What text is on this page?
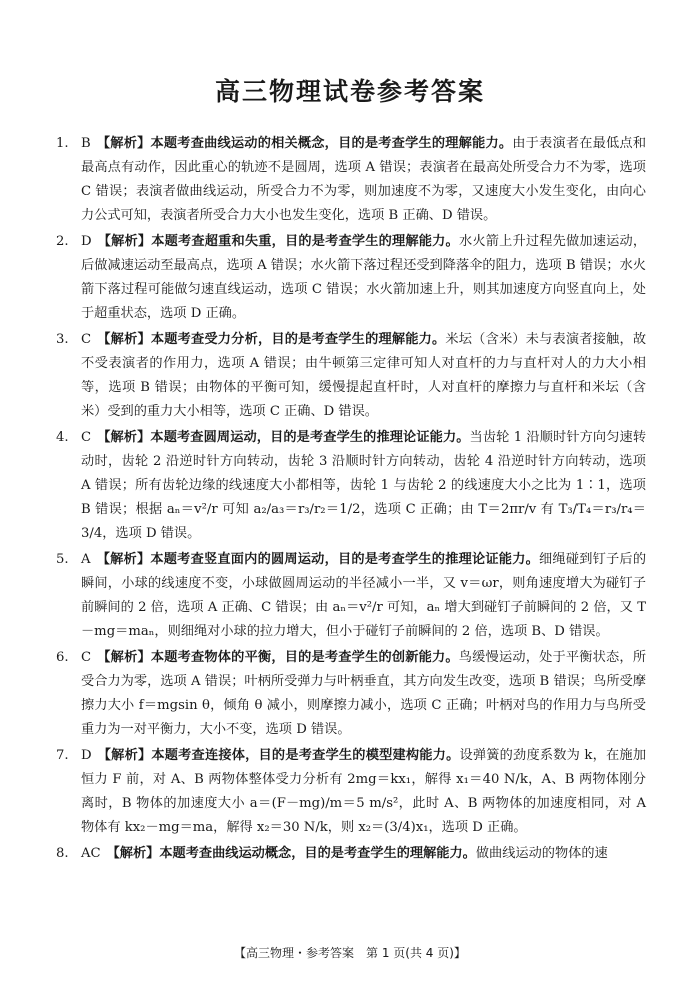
高三物理试卷参考答案
1. B 【解析】本题考查曲线运动的相关概念，目的是考查学生的理解能力。由于表演者在最低点和最高点有动作，因此重心的轨迹不是圆周，选项 A 错误；表演者在最高处所受合力不为零，选项 C 错误；表演者做曲线运动，所受合力不为零，则加速度不为零，又速度大小发生变化，由向心力公式可知，表演者所受合力大小也发生变化，选项 B 正确、D 错误。
2. D 【解析】本题考查超重和失重，目的是考查学生的理解能力。水火箭上升过程先做加速运动，后做减速运动至最高点，选项 A 错误；水火箭下落过程还受到降落伞的阻力，选项 B 错误；水火箭下落过程可能做匀速直线运动，选项 C 错误；水火箭加速上升，则其加速度方向竖直向上，处于超重状态，选项 D 正确。
3. C 【解析】本题考查受力分析，目的是考查学生的理解能力。米坛（含米）未与表演者接触，故不受表演者的作用力，选项 A 错误；由牛顿第三定律可知人对直杆的力与直杆对人的力大小相等，选项 B 错误；由物体的平衡可知，缓慢提起直杆时，人对直杆的摩擦力与直杆和米坛（含米）受到的重力大小相等，选项 C 正确、D 错误。
4. C 【解析】本题考查圆周运动，目的是考查学生的推理论证能力。当齿轮 1 沿顺时针方向匀速转动时，齿轮 2 沿逆时针方向转动，齿轮 3 沿顺时针方向转动，齿轮 4 沿逆时针方向转动，选项 A 错误；所有齿轮边缘的线速度大小都相等，齿轮 1 与齿轮 2 的线速度大小之比为 1∶1，选项 B 错误；根据 aₙ＝v²/r 可知 a₂/a₃＝r₃/r₂＝1/2，选项 C 正确；由 T＝2πr/v 有 T₃/T₄＝r₃/r₄＝3/4，选项 D 错误。
5. A 【解析】本题考查竖直面内的圆周运动，目的是考查学生的推理论证能力。细绳碰到钉子后的瞬间，小球的线速度不变，小球做圆周运动的半径减小一半，又 v＝ωr，则角速度增大为碰钉子前瞬间的 2 倍，选项 A 正确、C 错误；由 aₙ＝v²/r 可知，aₙ 增大到碰钉子前瞬间的 2 倍，又 T－mg＝maₙ，则细绳对小球的拉力增大，但小于碰钉子前瞬间的 2 倍，选项 B、D 错误。
6. C 【解析】本题考查物体的平衡，目的是考查学生的创新能力。鸟缓慢运动，处于平衡状态，所受合力为零，选项 A 错误；叶柄所受弹力与叶柄垂直，其方向发生改变，选项 B 错误；鸟所受摩擦力大小 f＝mgsin θ，倾角 θ 减小，则摩擦力减小，选项 C 正确；叶柄对鸟的作用力与鸟所受重力为一对平衡力，大小不变，选项 D 错误。
7. D 【解析】本题考查连接体，目的是考查学生的模型建构能力。设弹簧的劲度系数为 k，在施加恒力 F 前，对 A、B 两物体整体受力分析有 2mg＝kx₁，解得 x₁＝40 N/k，A、B 两物体刚分离时，B 物体的加速度大小 a＝(F－mg)/m＝5 m/s²，此时 A、B 两物体的加速度相同，对 A 物体有 kx₂－mg＝ma，解得 x₂＝30 N/k，则 x₂＝(3/4)x₁，选项 D 正确。
8. AC 【解析】本题考查曲线运动概念，目的是考查学生的理解能力。做曲线运动的物体的速
【高三物理・参考答案　第 1 页(共 4 页)】
